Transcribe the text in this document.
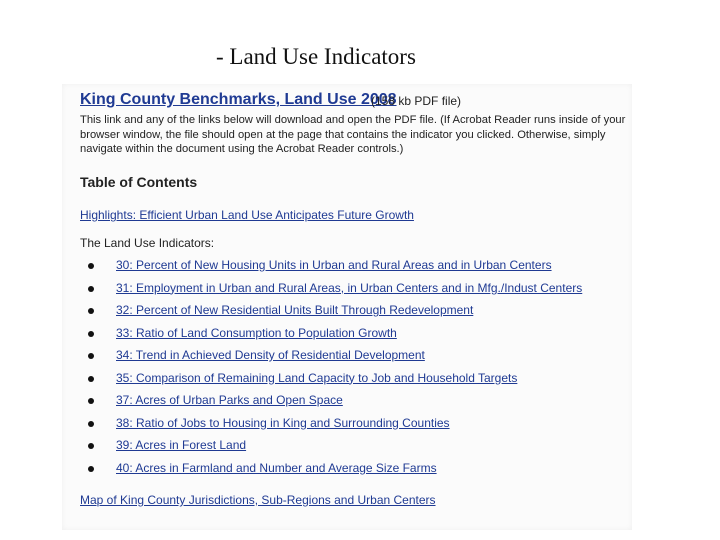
- Land Use Indicators
King County Benchmarks, Land Use 2008
(158 kb PDF file)
This link and any of the links below will download and open the PDF file. (If Acrobat Reader runs inside of your browser window, the file should open at the page that contains the indicator you clicked. Otherwise, simply navigate within the document using the Acrobat Reader controls.)
Table of Contents
Highlights: Efficient Urban Land Use Anticipates Future Growth
The Land Use Indicators:
30: Percent of New Housing Units in Urban and Rural Areas and in Urban Centers
31: Employment in Urban and Rural Areas, in Urban Centers and in Mfg./Indust Centers
32: Percent of New Residential Units Built Through Redevelopment
33: Ratio of Land Consumption to Population Growth
34: Trend in Achieved Density of Residential Development
35: Comparison of Remaining Land Capacity to Job and Household Targets
37: Acres of Urban Parks and Open Space
38: Ratio of Jobs to Housing in King and Surrounding Counties
39: Acres in Forest Land
40: Acres in Farmland and Number and Average Size Farms
Map of King County Jurisdictions, Sub-Regions and Urban Centers
